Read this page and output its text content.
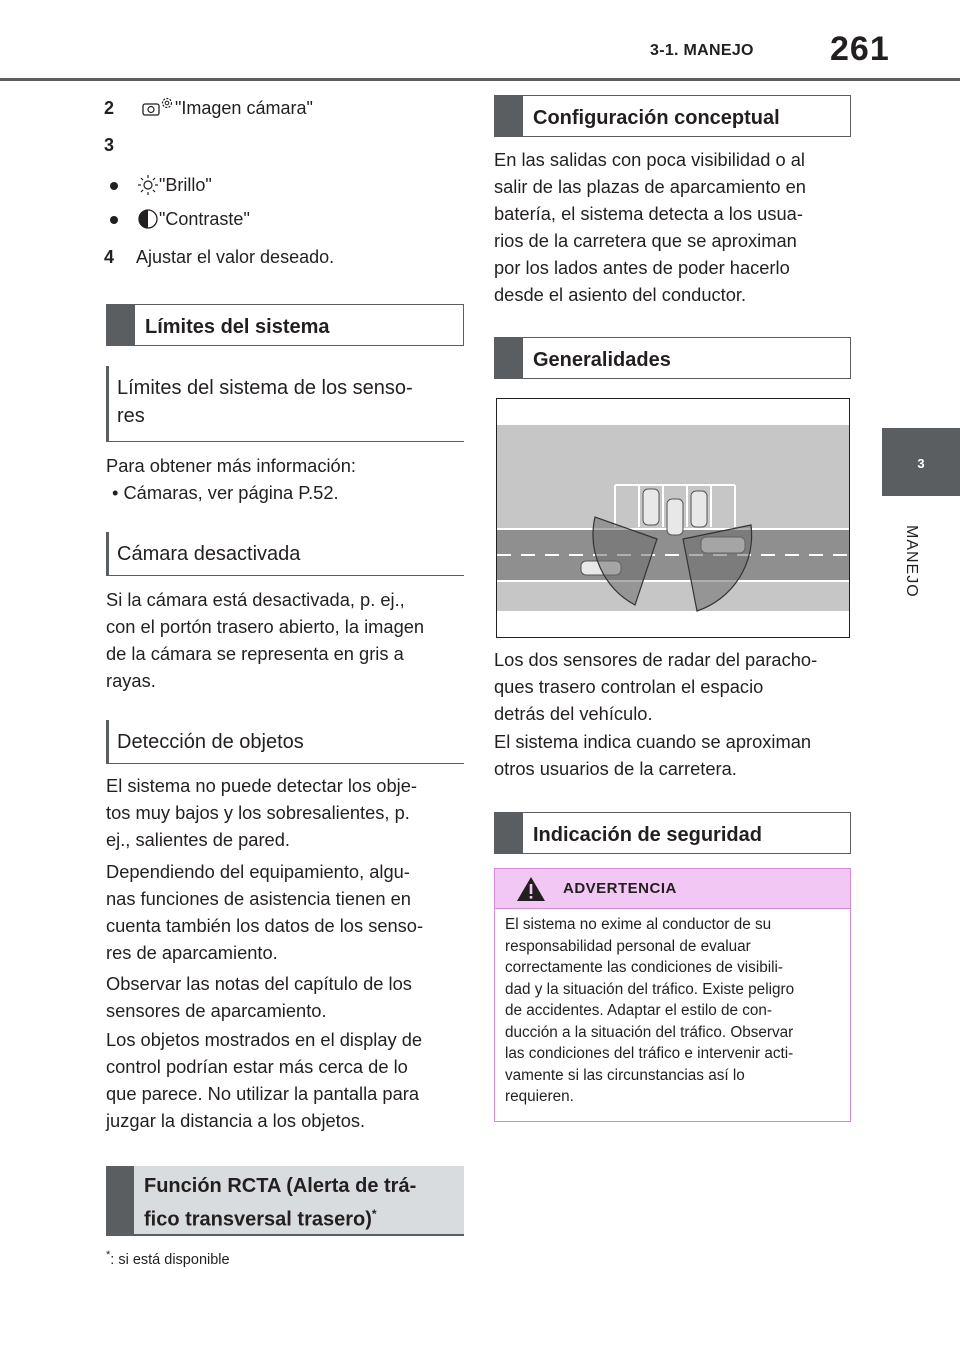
3-1. MANEJO 261
3
MANEJO
2	"Imagen cámara"
3
"Brillo"
"Contraste"
4 Ajustar el valor deseado.
Límites del sistema
Límites del sistema de los senso-
res
Para obtener más información:
• Cámaras, ver página P.52.
Cámara desactivada
Si la cámara está desactivada, p. ej.,
con el portón trasero abierto, la imagen
de la cámara se representa en gris a
rayas.
Detección de objetos
El sistema no puede detectar los obje-
tos muy bajos y los sobresalientes, p.
ej., salientes de pared.
Dependiendo del equipamiento, algu-
nas funciones de asistencia tienen en
cuenta también los datos de los senso-
res de aparcamiento.
Observar las notas del capítulo de los
sensores de aparcamiento.
Los objetos mostrados en el display de
control podrían estar más cerca de lo
que parece. No utilizar la pantalla para
juzgar la distancia a los objetos.
Función RCTA (Alerta de trá-
fico transversal trasero)*
*: si está disponible
Configuración conceptual
En las salidas con poca visibilidad o al
salir de las plazas de aparcamiento en
batería, el sistema detecta a los usua-
rios de la carretera que se aproximan
por los lados antes de poder hacerlo
desde el asiento del conductor.
Generalidades
Los dos sensores de radar del paracho-
ques trasero controlan el espacio
detrás del vehículo.
El sistema indica cuando se aproximan
otros usuarios de la carretera.
Indicación de seguridad
ADVERTENCIA
El sistema no exime al conductor de su
responsabilidad personal de evaluar
correctamente las condiciones de visibili-
dad y la situación del tráfico. Existe peligro
de accidentes. Adaptar el estilo de con-
ducción a la situación del tráfico. Observar
las condiciones del tráfico e intervenir acti-
vamente si las circunstancias así lo
requieren.
